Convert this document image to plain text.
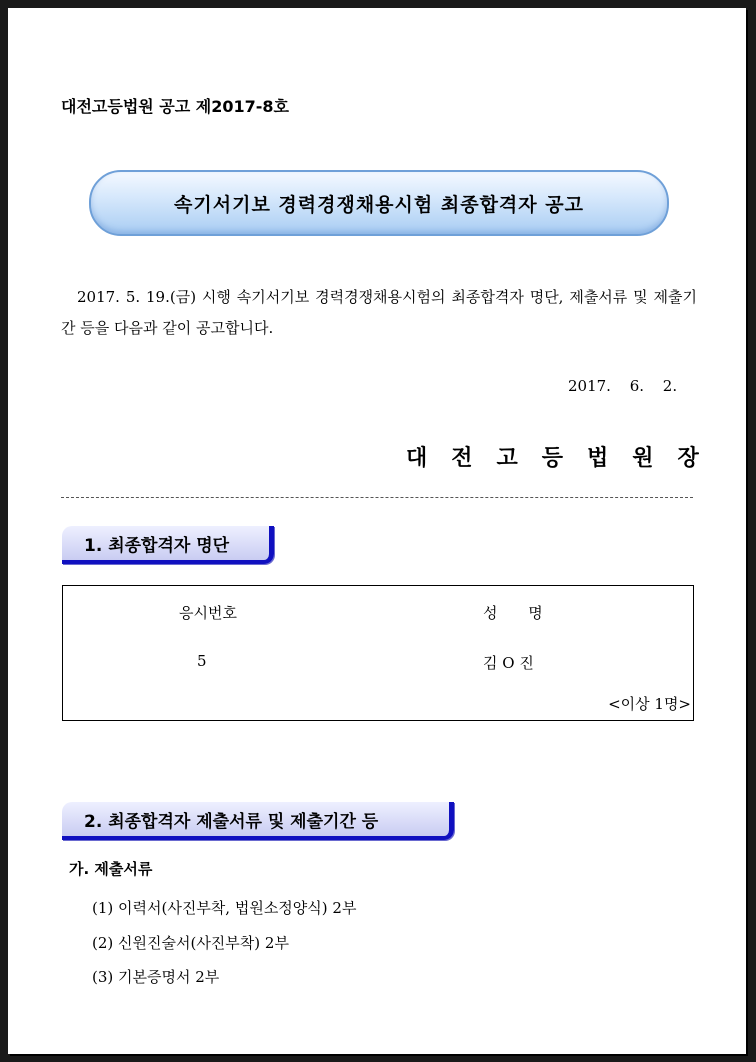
대전고등법원 공고 제2017-8호
속기서기보 경력경쟁채용시험 최종합격자 공고

2017. 5. 19.(금) 시행 속기서기보 경력경쟁채용시험의 최종합격자 명단, 제출서류 및 제출기간 등을 다음과 같이 공고합니다.

2017. 6. 2.
대전고등법원장
1. 최종합격자 명단
응시번호	성 명
5	김 O 진
<이상 1명>
2. 최종합격자 제출서류 및 제출기간 등
가. 제출서류
(1) 이력서(사진부착, 법원소정양식) 2부
(2) 신원진술서(사진부착) 2부
(3) 기본증명서 2부
